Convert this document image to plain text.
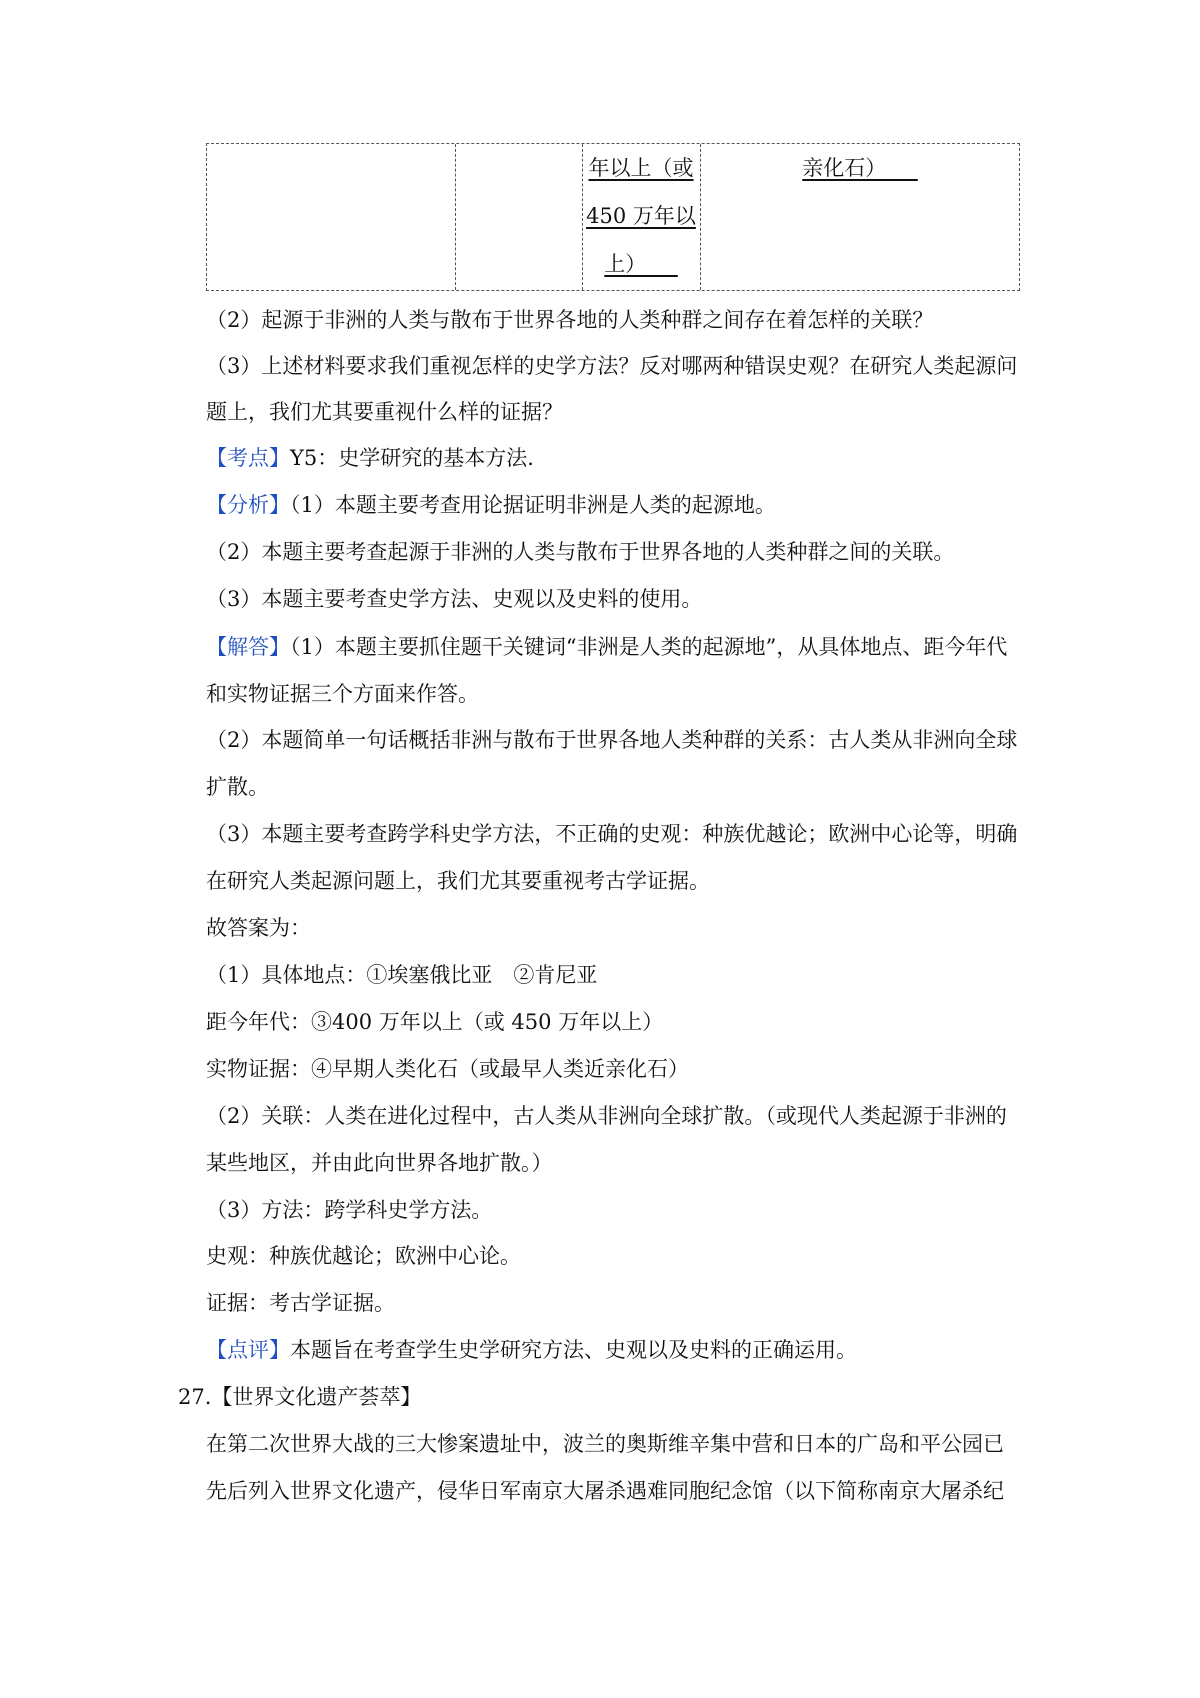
年以上（或
450 万年以
上）___
亲化石）___
（2）起源于非洲的人类与散布于世界各地的人类种群之间存在着怎样的关联？
（3）上述材料要求我们重视怎样的史学方法？反对哪两种错误史观？在研究人类起源问
题上，我们尤其要重视什么样的证据？
【考点】Y5：史学研究的基本方法.
【分析】（1）本题主要考查用论据证明非洲是人类的起源地。
（2）本题主要考查起源于非洲的人类与散布于世界各地的人类种群之间的关联。
（3）本题主要考查史学方法、史观以及史料的使用。
【解答】（1）本题主要抓住题干关键词“非洲是人类的起源地”，从具体地点、距今年代
和实物证据三个方面来作答。
（2）本题简单一句话概括非洲与散布于世界各地人类种群的关系：古人类从非洲向全球
扩散。
（3）本题主要考查跨学科史学方法，不正确的史观：种族优越论；欧洲中心论等，明确
在研究人类起源问题上，我们尤其要重视考古学证据。
故答案为：
（1）具体地点：①埃塞俄比亚　②肯尼亚
距今年代：③400 万年以上（或 450 万年以上）
实物证据：④早期人类化石（或最早人类近亲化石）
（2）关联：人类在进化过程中，古人类从非洲向全球扩散。（或现代人类起源于非洲的
某些地区，并由此向世界各地扩散。）
（3）方法：跨学科史学方法。
史观：种族优越论；欧洲中心论。
证据：考古学证据。
【点评】本题旨在考查学生史学研究方法、史观以及史料的正确运用。
27.【世界文化遗产荟萃】
在第二次世界大战的三大惨案遗址中，波兰的奥斯维辛集中营和日本的广岛和平公园已
先后列入世界文化遗产，侵华日军南京大屠杀遇难同胞纪念馆（以下简称南京大屠杀纪
